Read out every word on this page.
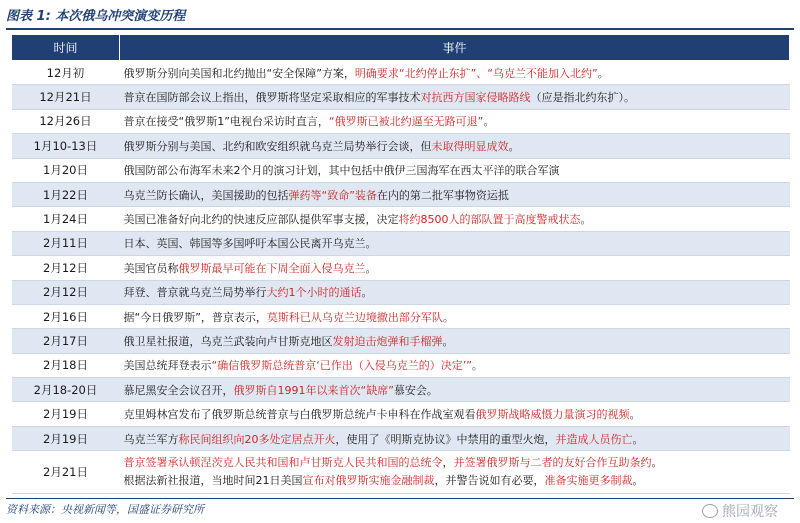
图表 1: 本次俄乌冲突演变历程
时间	事件
12月初	俄罗斯分别向美国和北约抛出“安全保障”方案，明确要求“北约停止东扩”、“乌克兰不能加入北约”。
12月21日	普京在国防部会议上指出，俄罗斯将坚定采取相应的军事技术对抗西方国家侵略路线（应是指北约东扩）。
12月26日	普京在接受“俄罗斯1”电视台采访时直言，“俄罗斯已被北约逼至无路可退”。
1月10-13日	俄罗斯分别与美国、北约和欧安组织就乌克兰局势举行会谈，但未取得明显成效。
1月20日	俄国防部公布海军未来2个月的演习计划，其中包括中俄伊三国海军在西太平洋的联合军演
1月22日	乌克兰防长确认，美国援助的包括弹药等“致命”装备在内的第二批军事物资运抵
1月24日	美国已准备好向北约的快速反应部队提供军事支援，决定将约8500人的部队置于高度警戒状态。
2月11日	日本、英国、韩国等多国呼吁本国公民离开乌克兰。
2月12日	美国官员称俄罗斯最早可能在下周全面入侵乌克兰。
2月12日	拜登、普京就乌克兰局势举行大约1个小时的通话。
2月16日	据“今日俄罗斯”，普京表示，莫斯科已从乌克兰边境撤出部分军队。
2月17日	俄卫星社报道，乌克兰武装向卢甘斯克地区发射迫击炮弹和手榴弹。
2月18日	美国总统拜登表示“确信俄罗斯总统普京‘已作出（入侵乌克兰的）决定’”。
2月18-20日	慕尼黑安全会议召开，俄罗斯自1991年以来首次“缺席”慕安会。
2月19日	克里姆林宫发布了俄罗斯总统普京与白俄罗斯总统卢卡申科在作战室观看俄罗斯战略威慑力量演习的视频。
2月19日	乌克兰军方称民间组织向20多处定居点开火，使用了《明斯克协议》中禁用的重型火炮，并造成人员伤亡。
2月21日	普京签署承认顿涅茨克人民共和国和卢甘斯克人民共和国的总统令，并签署俄罗斯与二者的友好合作互助条约。
根据法新社报道，当地时间21日美国宣布对俄罗斯实施金融制裁，并警告说如有必要，准备实施更多制裁。
资料来源：央视新闻等，国盛证券研究所	熊园观察
